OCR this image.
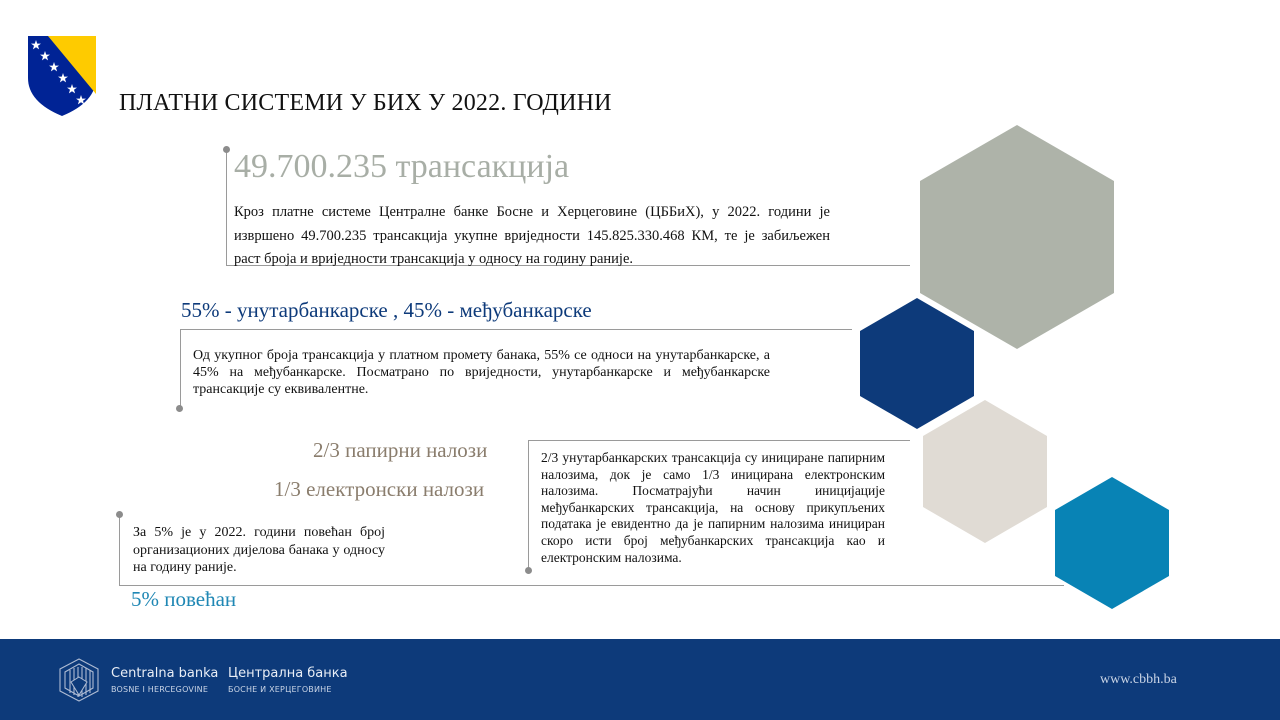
ПЛАТНИ СИСТЕМИ У БИХ У 2022. ГОДИНИ
49.700.235 трансакција
Кроз платне системе Централне банке Босне и Херцеговине (ЦББиХ), у 2022. години је извршено 49.700.235 трансакција укупне вриједности 145.825.330.468 КМ, те је забиљежен раст броја и вриједности трансакција у односу на годину раније.
55% - унутарбанкарске , 45% - међубанкарске
Од укупног броја трансакција у платном промету банака, 55% се односи на унутарбанкарске, а 45% на међубанкарске. Посматрано по вриједности, унутарбанкарске и међубанкарске трансакције су еквивалентне.
2/3 папирни налози
1/3 електронски налози
2/3 унутарбанкарских трансакција су инициране папирним налозима, док је само 1/3 иницирана електронским налозима. Посматрајући начин иницијације међубанкарских трансакција, на основу прикупљених података је евидентно да је папирним налозима инициран скоро исти број међубанкарских трансакција као и електронским налозима.
За 5% је у 2022. години повећан број организационих дијелова банака у односу на годину раније.
5% повећан
Centralna banka
BOSNE I HERCEGOVINE
Централна банка
БОСНЕ И ХЕРЦЕГОВИНЕ
www.cbbh.ba
